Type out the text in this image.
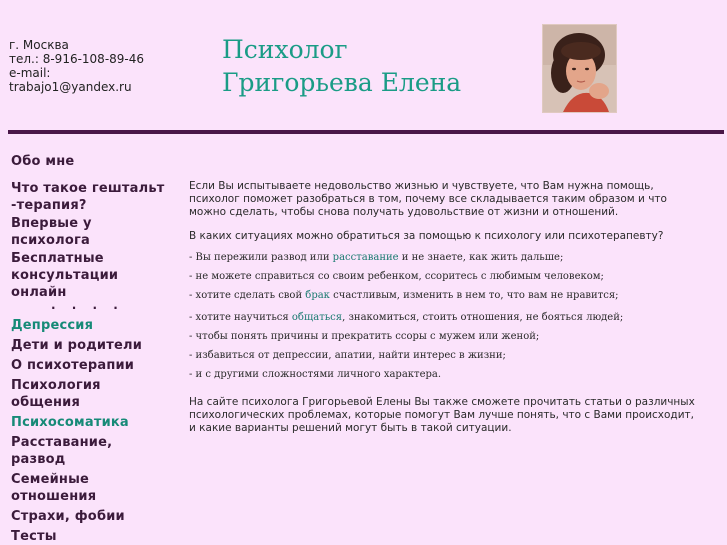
г. Москва
тел.: 8-916-108-89-46
e-mail:
trabajo1@yandex.ru
Психолог
Григорьева Елена
Обо мне
Что такое гештальт -терапия?
Впервые у психолога
Бесплатные консультации онлайн
· · · ·
Депрессия
Дети и родители
О психотерапии
Психология общения
Психосоматика
Расставание, развод
Семейные отношения
Страхи, фобии
Тесты

Если Вы испытываете недовольство жизнью и чувствуете, что Вам нужна помощь, психолог поможет разобраться в том, почему все складывается таким образом и что можно сделать, чтобы снова получать удовольствие от жизни и отношений.

В каких ситуациях можно обратиться за помощью к психологу или психотерапевту?

- Вы пережили развод или расставание и не знаете, как жить дальше;

- не можете справиться со своим ребенком, ссоритесь с любимым человеком;

- хотите сделать свой брак счастливым, изменить в нем то, что вам не нравится;

- хотите научиться общаться, знакомиться, стоить отношения, не бояться людей;

- чтобы понять причины и прекратить ссоры с мужем или женой;

- избавиться от депрессии, апатии, найти интерес в жизни;

- и с другими сложностями личного характера.

На сайте психолога Григорьевой Елены Вы также сможете прочитать статьи о различных психологических проблемах, которые помогут Вам лучше понять, что с Вами происходит, и какие варианты решений могут быть в такой ситуации.
